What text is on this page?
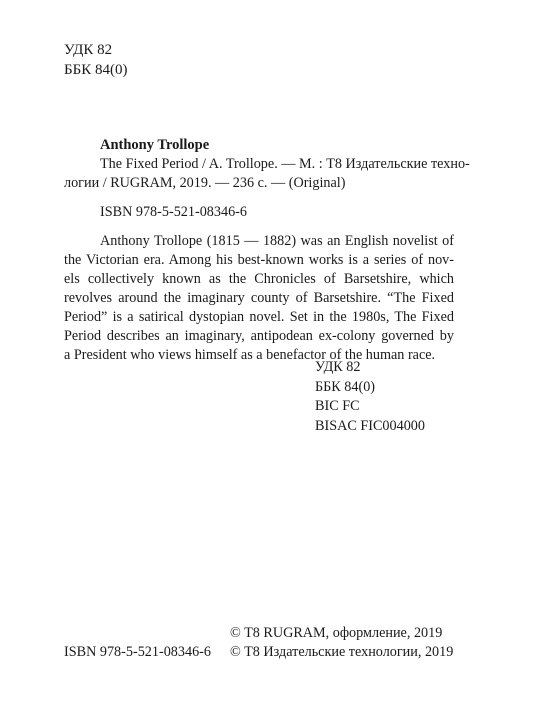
УДК 82
ББК 84(0)
Anthony Trollope
The Fixed Period / A. Trollope. — М. : T8 Издательские техно-
логии / RUGRAM, 2019. — 236 с. — (Original)
ISBN 978-5-521-08346-6
Anthony Trollope (1815 — 1882) was an English novelist of
the Victorian era. Among his best-known works is a series of nov-
els collectively known as the Chronicles of Barsetshire, which
revolves around the imaginary county of Barsetshire. “The Fixed
Period” is a satirical dystopian novel. Set in the 1980s, The Fixed
Period describes an imaginary, antipodean ex-colony governed by
a President who views himself as a benefactor of the human race.
УДК 82
ББК 84(0)
BIC FC
BISAC FIC004000
© T8 RUGRAM, оформление, 2019
© T8 Издательские технологии, 2019
ISBN 978-5-521-08346-6
